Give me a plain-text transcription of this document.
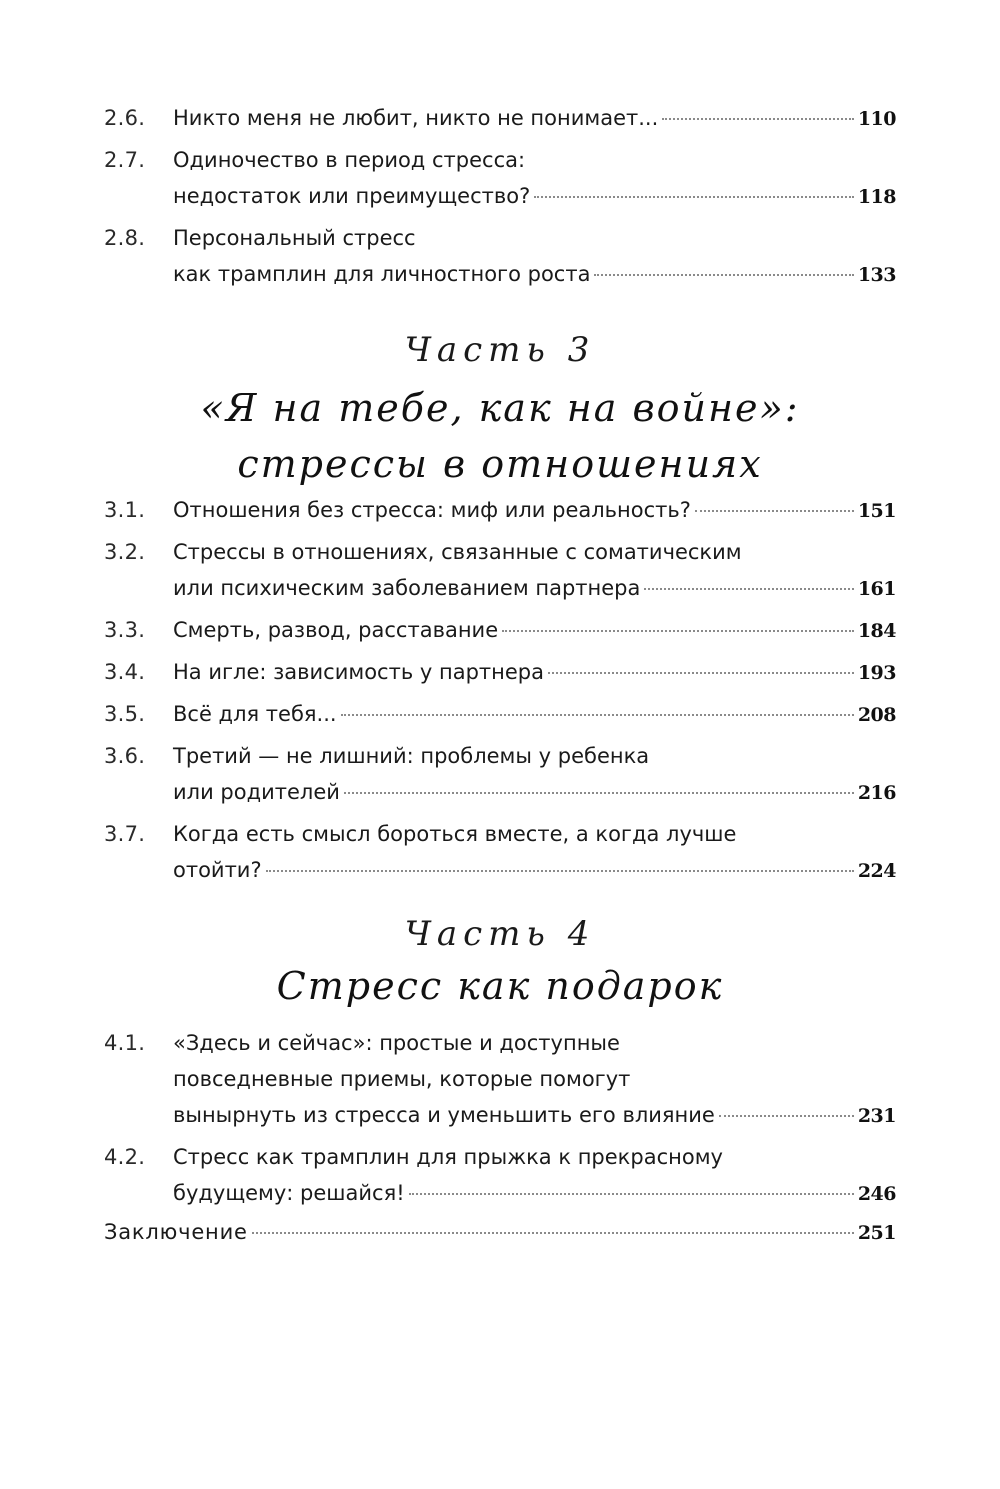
2.6. Никто меня не любит, никто не понимает...	110
2.7. Одиночество в период стресса:
недостаток или преимущество?	118
2.8. Персональный стресс
как трамплин для личностного роста	133
Часть 3
«Я на тебе, как на войне»:
стрессы в отношениях
3.1. Отношения без стресса: миф или реальность?	151
3.2. Стрессы в отношениях, связанные с соматическим
или психическим заболеванием партнера	161
3.3. Смерть, развод, расставание	184
3.4. На игле: зависимость у партнера	193
3.5. Всё для тебя...	208
3.6. Третий — не лишний: проблемы у ребенка
или родителей	216
3.7. Когда есть смысл бороться вместе, а когда лучше
отойти?	224
Часть 4
Стресс как подарок
4.1. «Здесь и сейчас»: простые и доступные
повседневные приемы, которые помогут
вынырнуть из стресса и уменьшить его влияние	231
4.2. Стресс как трамплин для прыжка к прекрасному
будущему: решайся!	246
Заключение	251
